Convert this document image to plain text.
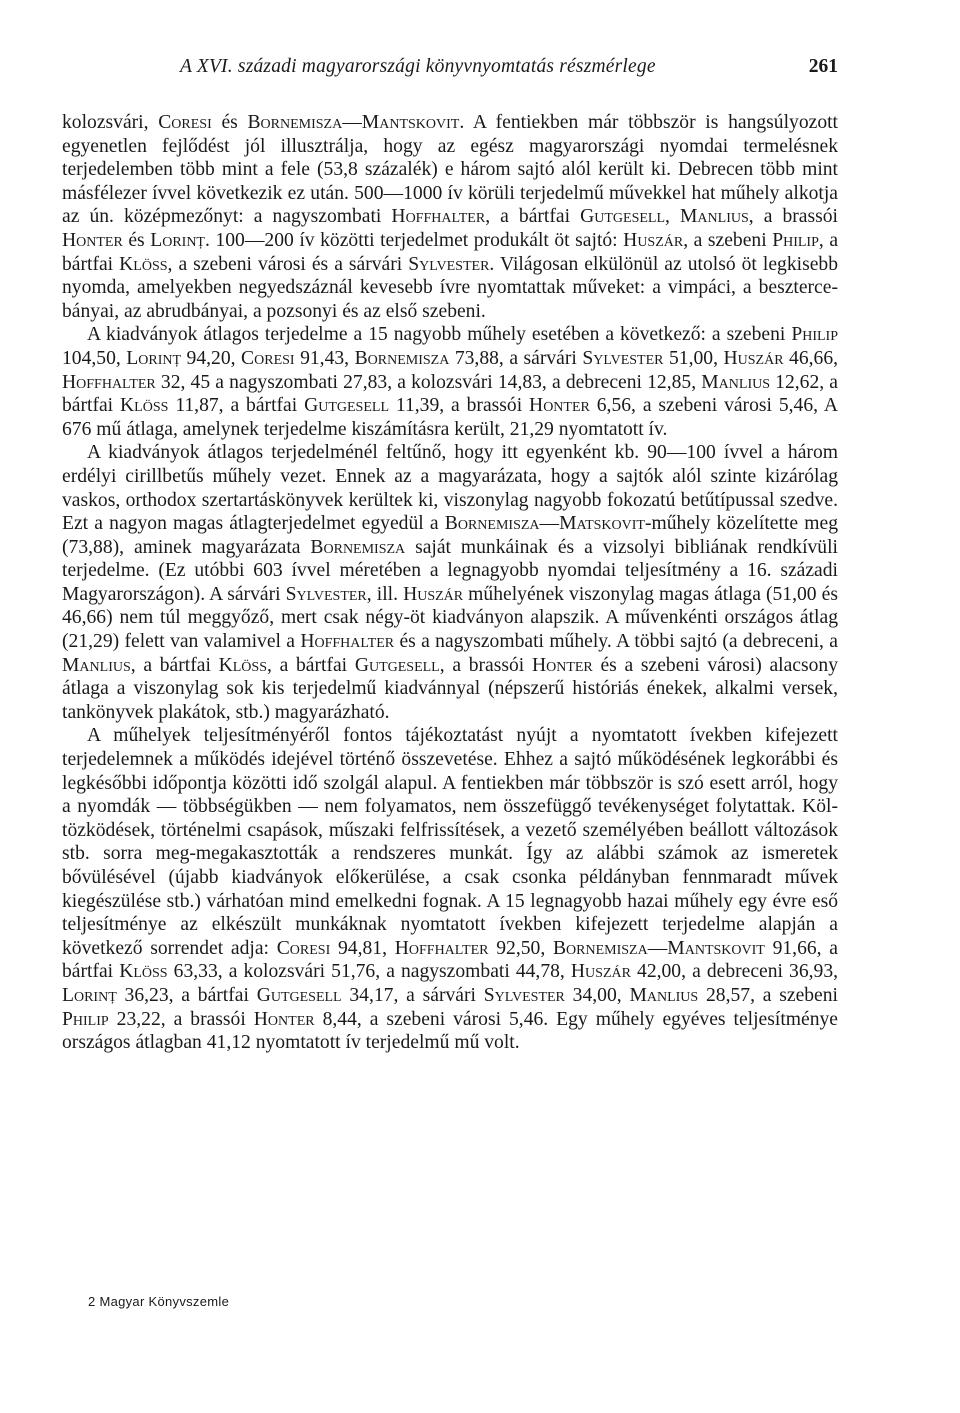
A XVI. századi magyarországi könyvnyomtatás részmérlege	261

kolozsvári, Coresi és Bornemisza—Mantskovit. A fentiekben már többször is hangsúlyozott egyenetlen fejlődést jól illusztrálja, hogy az egész magyarországi nyomdai termelésnek terjedelemben több mint a fele (53,8 százalék) e három sajtó alól került ki. Debrecen több mint másfélezer ívvel következik ez után. 500—1000 ív körüli terjedelmű művekkel hat műhely alkotja az ún. középmezőnyt: a nagyszombati Hoffhalter, a bártfai Gutgesell, Manlius, a brassói Honter és Lorinț. 100—200 ív közötti terjedelmet produkált öt sajtó: Huszár, a szebeni Philip, a bártfai Klöss, a szebeni városi és a sárvári Sylvester. Világosan elkülönül az utolsó öt legkisebb nyomda, amelyekben negyedszáznál kevesebb ívre nyomtattak műveket: a vimpáci, a besztercebányai, az abrudbányai, a pozsonyi és az első szebeni.

A kiadványok átlagos terjedelme a 15 nagyobb műhely esetében a következő: a szebeni Philip 104,50, Lorinț 94,20, Coresi 91,43, Bornemisza 73,88, a sárvári Sylvester 51,00, Huszár 46,66, Hoffhalter 32, 45 a nagyszombati 27,83, a kolozsvári 14,83, a debreceni 12,85, Manlius 12,62, a bártfai Klöss 11,87, a bártfai Gutgesell 11,39, a brassói Honter 6,56, a szebeni városi 5,46, A 676 mű átlaga, amelynek terjedelme kiszámításra került, 21,29 nyomtatott ív.

A kiadványok átlagos terjedelménél feltűnő, hogy itt egyenként kb. 90—100 ívvel a három erdélyi cirillbetűs műhely vezet. Ennek az a magyarázata, hogy a sajtók alól szinte kizárólag vaskos, orthodox szertartáskönyvek kerültek ki, viszonylag nagyobb fokozatú betűtípussal szedve. Ezt a nagyon magas átlagterjedelmet egyedül a Bornemisza—Matskovit-műhely közelítette meg (73,88), aminek magyarázata Bornemisza saját munkáinak és a vizsolyi bibliának rendkívüli terjedelme. (Ez utóbbi 603 ívvel méretében a legnagyobb nyomdai teljesítmény a 16. századi Magyarországon). A sárvári Sylvester, ill. Huszár műhelyének viszonylag magas átlaga (51,00 és 46,66) nem túl meggyőző, mert csak négy-öt kiadványon alapszik. A művenkénti országos átlag (21,29) felett van valamivel a Hoffhalter és a nagyszombati műhely. A többi sajtó (a debreceni, a Manlius, a bártfai Klöss, a bártfai Gutgesell, a brassói Honter és a szebeni városi) alacsony átlaga a viszonylag sok kis terjedelmű kiadvánnyal (népszerű históriás énekek, alkalmi versek, tankönyvek plakátok, stb.) magyarázható.

A műhelyek teljesítményéről fontos tájékoztatást nyújt a nyomtatott ívekben kifejezett terjedelemnek a működés idejével történő összevetése. Ehhez a sajtó működésének legkorábbi és legkésőbbi időpontja közötti idő szolgál alapul. A fentiekben már többször is szó esett arról, hogy a nyomdák — többségükben — nem folyamatos, nem összefüggő tevékenységet folytattak. Költözködések, történelmi csapások, műszaki felfrissítések, a vezető személyében beállott változások stb. sorra meg-megakasztották a rendszeres munkát. Így az alábbi számok az ismeretek bővülésével (újabb kiadványok előkerülése, a csak csonka példányban fennmaradt művek kiegészülése stb.) várhatóan mind emelkedni fognak. A 15 legnagyobb hazai műhely egy évre eső teljesítménye az elkészült munkáknak nyomtatott ívekben kifejezett terjedelme alapján a következő sorrendet adja: Coresi 94,81, Hoffhalter 92,50, Bornemisza—Mantskovit 91,66, a bártfai Klöss 63,33, a kolozsvári 51,76, a nagyszombati 44,78, Huszár 42,00, a debreceni 36,93, Lorinț 36,23, a bártfai Gutgesell 34,17, a sárvári Sylvester 34,00, Manlius 28,57, a szebeni Philip 23,22, a brassói Honter 8,44, a szebeni városi 5,46. Egy műhely egyéves teljesítménye országos átlagban 41,12 nyomtatott ív terjedelmű mű volt.

2 Magyar Könyvszemle
